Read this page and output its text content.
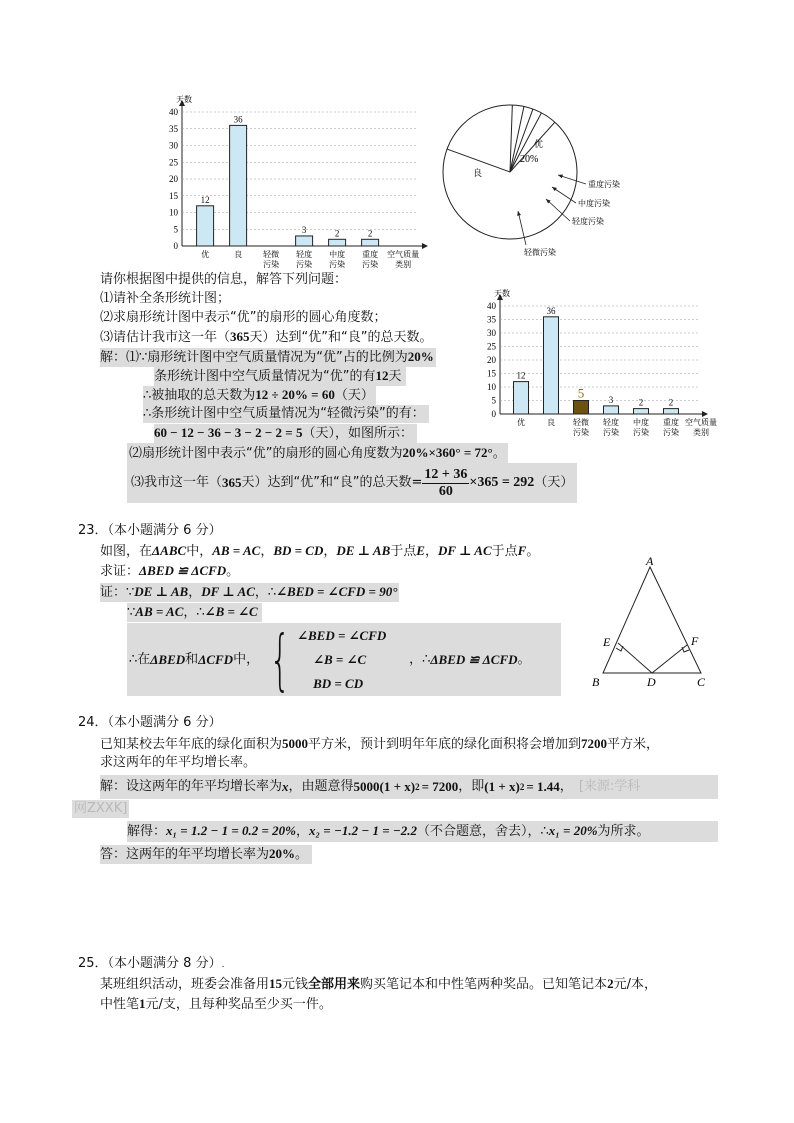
天数
0
5
10
15
20
25
30
35
40
12
优
36
良	轻微
污染
3
轻度
污染
2
中度
污染
2
重度
污染
空气质量
类别
优
20%
良
重度污染
中度污染
轻度污染
轻微污染
天数
0
5
10
15
20
25
30
35
40
12
优
36
良
5
轻微
污染
3
轻度
污染
2
中度
污染
2
重度
污染
空气质量
类别
请你根据图中提供的信息，解答下列问题：
⑴请补全条形统计图；
⑵求扇形统计图中表示“优”的扇形的圆心角度数；
⑶请估计我市这一年（365天）达到“优”和“良”的总天数。
解：⑴∵扇形统计图中空气质量情况为“优”占的比例为20%
条形统计图中空气质量情况为“优”的有12天
∴被抽取的总天数为12 ÷ 20% = 60（天）
∴条形统计图中空气质量情况为“轻微污染”的有：
60 − 12 − 36 − 3 − 2 − 2 = 5（天），如图所示：
⑵扇形统计图中表示“优”的扇形的圆心角度数为20%×360° = 72°。
⑶我市这一年（ 365 天）达到“优”和“良”的总天数= $\frac{12 + 36}{60} \times 365 = 292$ （天）
23．（本小题满分 6 分）
如图，在ΔABC中，AB = AC，BD = CD，DE ⊥ AB于点E，DF ⊥ AC于点F。
求证：ΔBED ≌ ΔCFD。
证：∵DE ⊥ AB，DF ⊥ AC，∴∠BED = ∠CFD = 90°
∵AB = AC，∴∠B = ∠C
∴在 ΔBED 和 ΔCFD 中， { ∠BED = ∠CFD
∠B = ∠C
BD = CD
，∴ ΔBED ≌ ΔCFD 。
A
B	C
D
E	F
24．（本小题满分 6 分）
已知某校去年年底的绿化面积为5000平方米，预计到明年年底的绿化面积将会增加到7200平方米，
求这两年的年平均增长率。
解：设这两年的年平均增长率为 x ，由题意得 5000(1 + x) 2 = 7200 ，即 (1 + x) 2 = 1.44 ， [来源:学科
网ZXXK]
解得：x₁ = 1.2 − 1 = 0.2 = 20%，x₂ = −1.2 − 1 = −2.2（不合题意，舍去），∴x₁ = 20%为所求。
答：这两年的年平均增长率为20%。
25．（本小题满分 8 分）.
某班组织活动，班委会准备用15元钱全部用来购买笔记本和中性笔两种奖品。已知笔记本2元/本，
中性笔1元/支，且每种奖品至少买一件。
